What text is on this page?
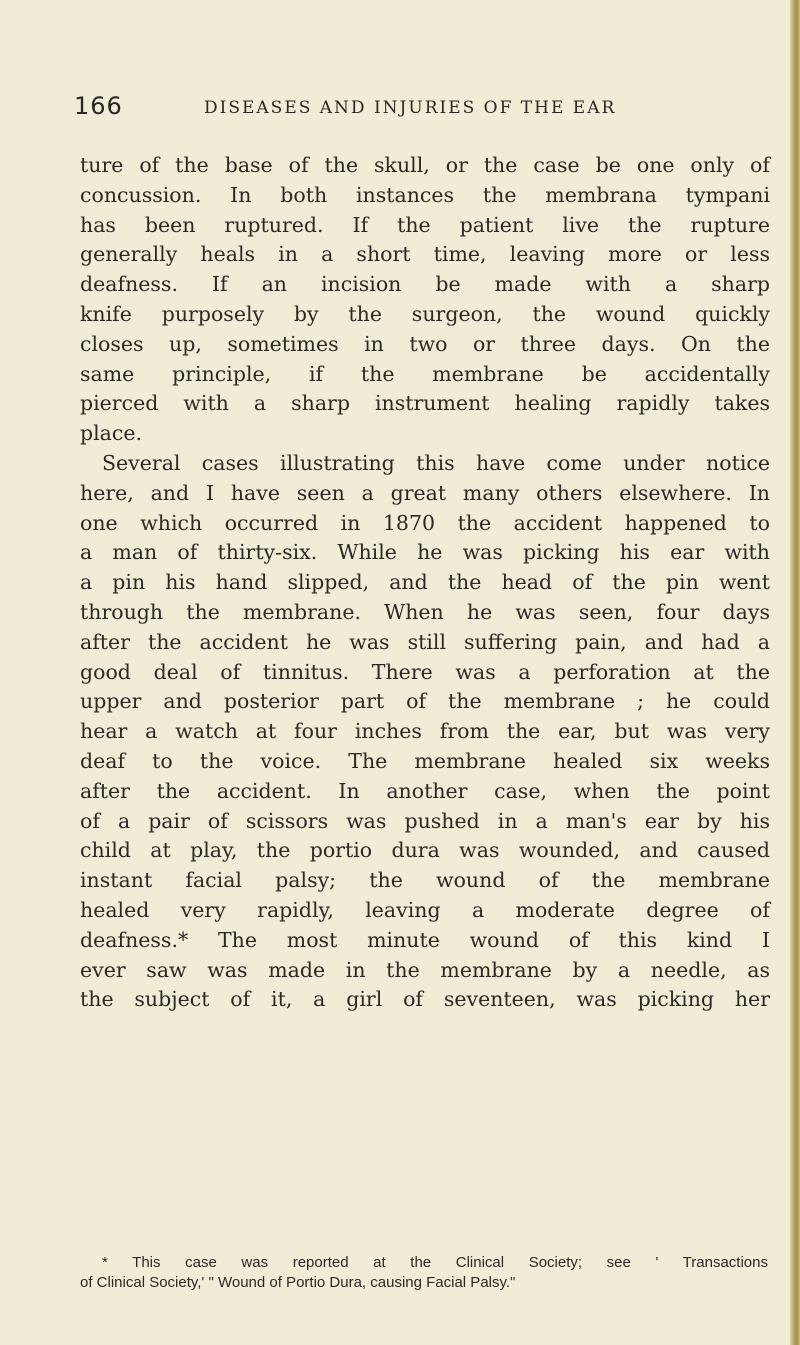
166	DISEASES AND INJURIES OF THE EAR
ture of the base of the skull, or the case be one only of
concussion. In both instances the membrana tympani
has been ruptured. If the patient live the rupture
generally heals in a short time, leaving more or less
deafness. If an incision be made with a sharp
knife purposely by the surgeon, the wound quickly
closes up, sometimes in two or three days. On the
same principle, if the membrane be accidentally
pierced with a sharp instrument healing rapidly takes
place.
Several cases illustrating this have come under notice
here, and I have seen a great many others elsewhere. In
one which occurred in 1870 the accident happened to
a man of thirty-six. While he was picking his ear with
a pin his hand slipped, and the head of the pin went
through the membrane. When he was seen, four days
after the accident he was still suffering pain, and had a
good deal of tinnitus. There was a perforation at the
upper and posterior part of the membrane ; he could
hear a watch at four inches from the ear, but was very
deaf to the voice. The membrane healed six weeks
after the accident. In another case, when the point
of a pair of scissors was pushed in a man's ear by his
child at play, the portio dura was wounded, and caused
instant facial palsy; the wound of the membrane
healed very rapidly, leaving a moderate degree of
deafness.* The most minute wound of this kind I
ever saw was made in the membrane by a needle, as
the subject of it, a girl of seventeen, was picking her
* This case was reported at the Clinical Society; see ' Transactions
of Clinical Society,' " Wound of Portio Dura, causing Facial Palsy."
